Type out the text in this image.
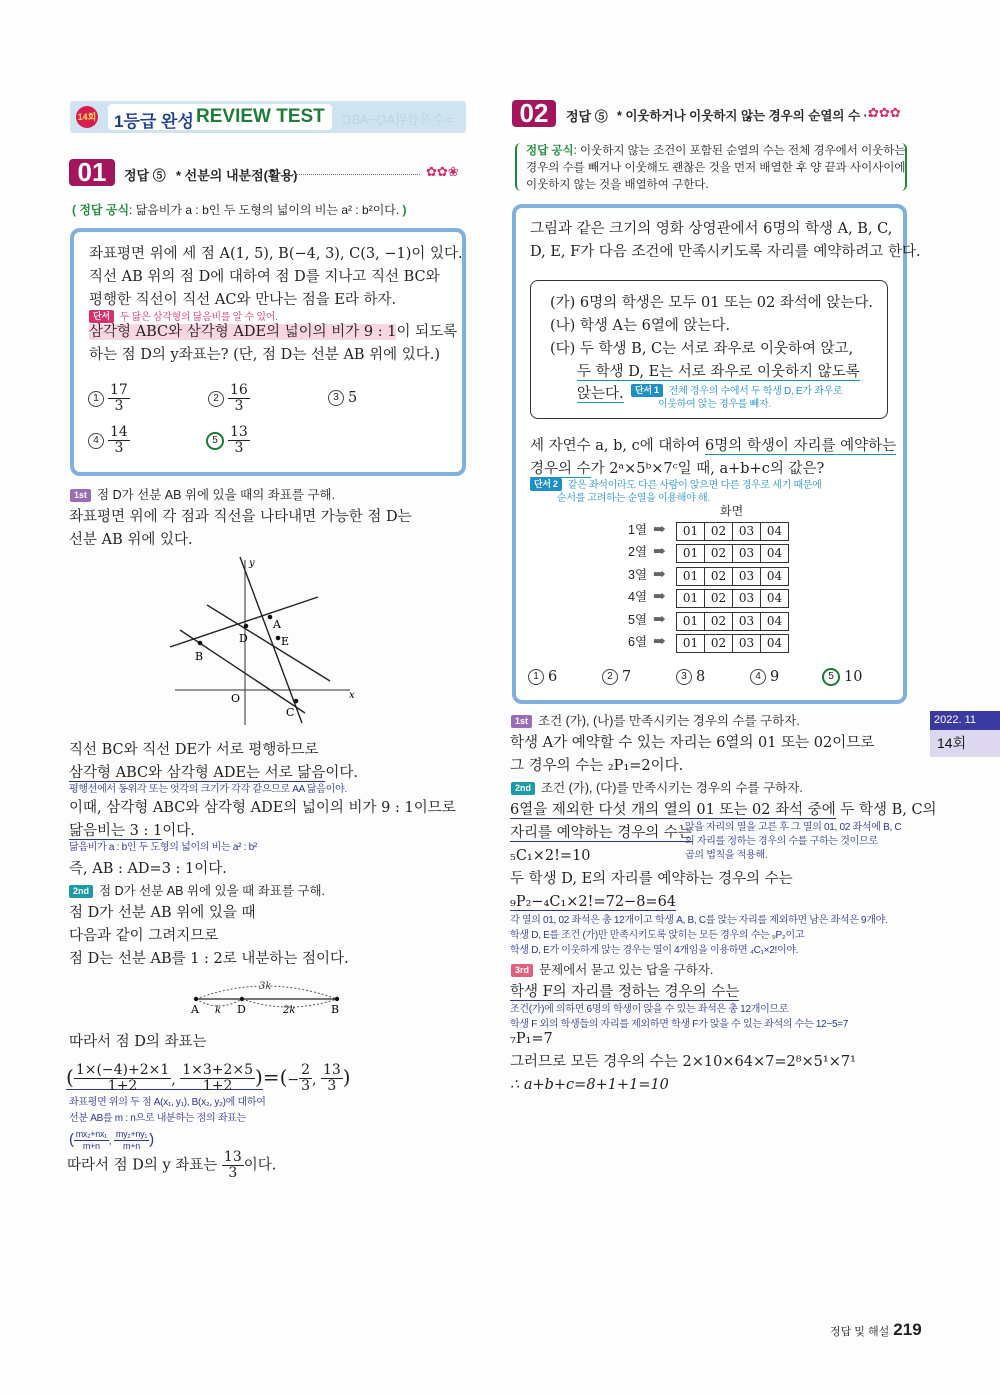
14회 1등급 완성 REVIEW TEST =수직선위AQ−ABC
01	정답 ⑤ * 선분의 내분점(활용)	✿✿❀
( 정답 공식: 닮음비가 a : b인 두 도형의 넓이의 비는 a² : b²이다. )
좌표평면 위에 세 점 A(1, 5), B(−4, 3), C(3, −1)이 있다.
직선 AB 위의 점 D에 대하여 점 D를 지나고 직선 BC와
평행한 직선이 직선 AC와 만나는 점을 E라 하자.
단서 두 닮은 삼각형의 닮음비를 알 수 있어.
삼각형 ABC와 삼각형 ADE의 넓이의 비가 9 : 1이 되도록
하는 점 D의 y좌표는? (단, 점 D는 선분 AB 위에 있다.)
$1 \frac{17}{3}$	$2 \frac{16}{3}$	3 5
$4 \frac{14}{3}$	$5 \frac{13}{3}$
1st 점 D가 선분 AB 위에 있을 때의 좌표를 구해.
좌표평면 위에 각 점과 직선을 나타내면 가능한 점 D는
선분 AB 위에 있다.
y
A
D	E
B
O	x
C
직선 BC와 직선 DE가 서로 평행하므로
삼각형 ABC와 삼각형 ADE는 서로 닮음이다.
평행선에서 동위각 또는 엇각의 크기가 각각 같으므로 AA 닮음이야.
이때, 삼각형 ABC와 삼각형 ADE의 넓이의 비가 9 : 1이므로
닮음비는 3 : 1이다.
닮음비가 a : b인 두 도형의 넓이의 비는 a² : b²
즉, AB : AD=3 : 1이다.
2nd 점 D가 선분 AB 위에 있을 때 좌표를 구해.
점 D가 선분 AB 위에 있을 때
다음과 같이 그려지므로
점 D는 선분 AB를 1 : 2로 내분하는 점이다.
3k
A k D	2k	B
따라서 점 D의 좌표는
( $\frac{1\times(-4)+2\times 1}{1+2}$ , $\frac{1\times 3+2\times 5}{1+2}$ )=(− $\frac{2}{3}$ , $\frac{13}{3}$ )
좌표평면 위의 두 점 A(x₁, y₁), B(x₂, y₂)에 대하여
선분 AB를 m : n으로 내분하는 점의 좌표는
( $\frac{\text{mx₂+nx₁}}{m+n}$ , $\frac{\text{my₂+ny₁}}{m+n}$ )
따라서 점 D의 y 좌표는 $\frac{13}{3}$ 이다.
02	정답 ⑤ * 이웃하거나 이웃하지 않는 경우의 순열의 수 ··
✿✿✿
정답 공식: 이웃하지 않는 조건이 포함된 순열의 수는 전체 경우에서 이웃하는
경우의 수를 빼거나 이웃해도 괜찮은 것을 먼저 배열한 후 양 끝과 사이사이에
이웃하지 않는 것을 배열하여 구한다.
그림과 같은 크기의 영화 상영관에서 6명의 학생 A, B, C,
D, E, F가 다음 조건에 만족시키도록 자리를 예약하려고 한다.
(가) 6명의 학생은 모두 01 또는 02 좌석에 앉는다.
(나) 학생 A는 6열에 앉는다.
(다) 두 학생 B, C는 서로 좌우로 이웃하여 앉고,
두 학생 D, E는 서로 좌우로 이웃하지 않도록
앉는다.	단서 1 전체 경우의 수에서 두 학생 D, E가 좌우로
이웃하여 앉는 경우를 빼자.
세 자연수 a, b, c에 대하여 6명의 학생이 자리를 예약하는
경우의 수가 2ᵃ×5ᵇ×7ᶜ일 때, a+b+c의 값은?
단서 2 같은 좌석이라도 다른 사람이 앉으면 다른 경우로 세기 때문에
순서를 고려하는 순열을 이용해야 해.
화면
1열 ➡	01	02	03	04
2열 ➡	01	02	03	04
3열 ➡	01	02	03	04
4열 ➡	01	02	03	04
5열 ➡	01	02	03	04
6열 ➡	01	02	03	04
1 6	2 7	3 8	4 9	5 10
1st 조건 (가), (나)를 만족시키는 경우의 수를 구하자.
학생 A가 예약할 수 있는 자리는 6열의 01 또는 02이므로
그 경우의 수는 ₂P₁=2이다.
2nd 조건 (가), (다)를 만족시키는 경우의 수를 구하자.
6열을 제외한 다섯 개의 열의 01 또는 02 좌석 중에 두 학생 B, C의
자리를 예약하는 경우의 수는
앉을 자리의 열을 고른 후 그 열의 01, 02 좌석에 B, C
의 자리를 정하는 경우의 수를 구하는 것이므로
곱의 법칙을 적용해.
₅C₁×2!=10
두 학생 D, E의 자리를 예약하는 경우의 수는
₉P₂−₄C₁×2!=72−8=64
각 열의 01, 02 좌석은 총 12개이고 학생 A, B, C를 앉는 자리를 제외하면 남은 좌석은 9개야.
학생 D, E를 조건 (가)만 만족시키도록 앉히는 모든 경우의 수는 ₉P₂이고
학생 D, E가 이웃하게 앉는 경우는 열이 4개임을 이용하면 ₄C₁×2!이야.
3rd 문제에서 묻고 있는 답을 구하자.
학생 F의 자리를 정하는 경우의 수는
조건(가)에 의하면 6명의 학생이 앉을 수 있는 좌석은 총 12개이므로
학생 F 외의 학생들의 자리를 제외하면 학생 F가 앉을 수 있는 좌석의 수는 12−5=7
₇P₁=7
그러므로 모든 경우의 수는 2×10×64×7=2⁸×5¹×7¹
∴ a+b+c=8+1+1=10
2022. 11
14회
정답 및 해설 219
